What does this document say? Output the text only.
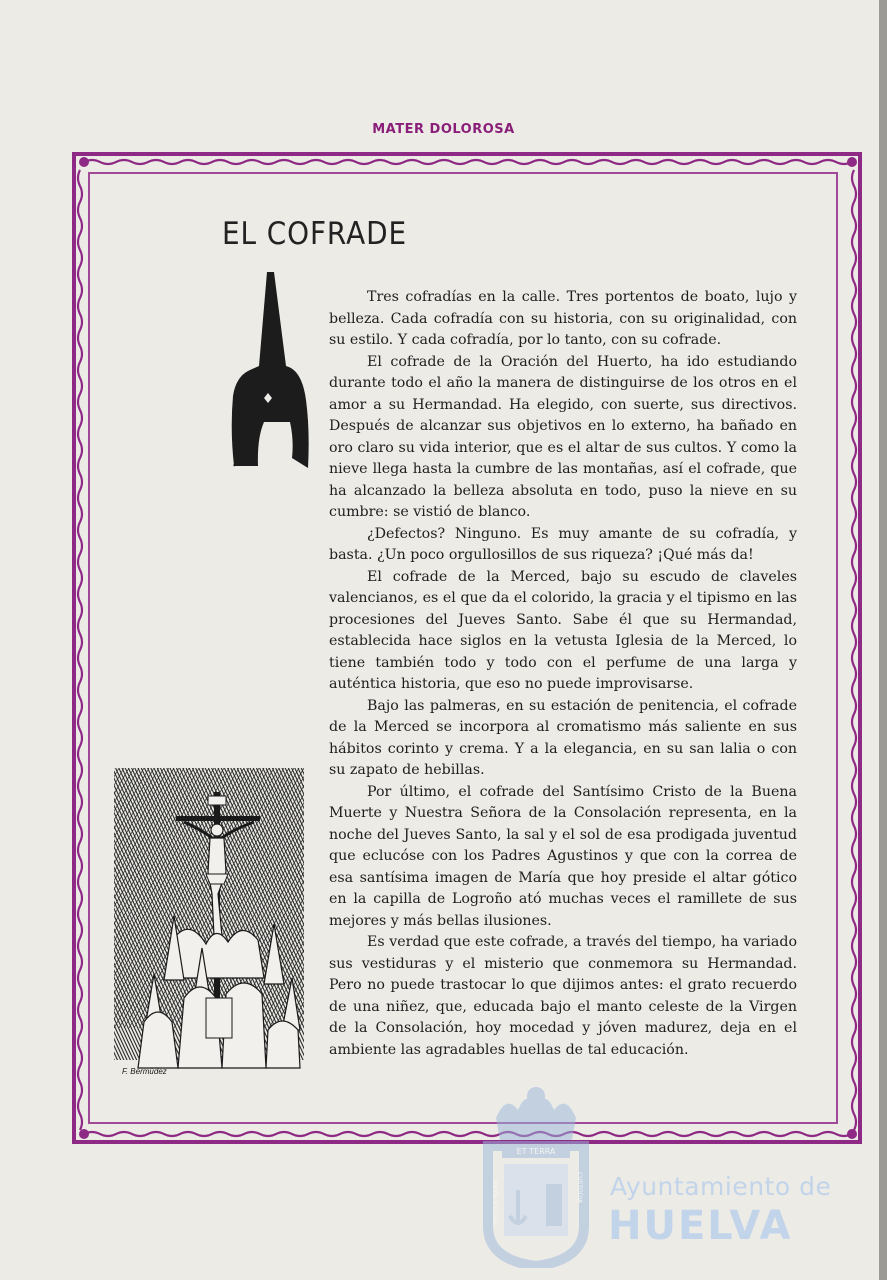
MATER DOLOROSA
EL COFRADE
F. Bermúdez

Tres cofradías en la calle. Tres portentos de boato, lujo y belleza. Cada cofradía con su historia, con su originalidad, con su estilo. Y cada cofradía, por lo tanto, con su cofrade.

El cofrade de la Oración del Huerto, ha ido estudiando durante todo el año la manera de distinguirse de los otros en el amor a su Hermandad. Ha elegido, con suerte, sus directivos. Después de alcanzar sus objetivos en lo externo, ha bañado en oro claro su vida interior, que es el altar de sus cultos. Y como la nieve llega hasta la cumbre de las montañas, así el cofrade, que ha alcanzado la belleza absoluta en todo, puso la nieve en su cumbre: se vistió de blanco.

¿Defectos? Ninguno. Es muy amante de su cofradía, y basta. ¿Un poco orgullosillos de sus riqueza? ¡Qué más da!

El cofrade de la Merced, bajo su escudo de claveles valencianos, es el que da el colorido, la gracia y el tipismo en las procesiones del Jueves Santo. Sabe él que su Hermandad, establecida hace siglos en la vetusta Iglesia de la Merced, lo tiene también todo y todo con el perfume de una larga y auténtica historia, que eso no puede improvisarse.

Bajo las palmeras, en su estación de penitencia, el cofrade de la Merced se incorpora al cromatismo más saliente en sus hábitos corinto y crema. Y a la elegancia, en su san lalia o con su zapato de hebillas.

Por último, el cofrade del Santísimo Cristo de la Buena Muerte y Nuestra Señora de la Consolación representa, en la noche del Jueves Santo, la sal y el sol de esa prodigada juventud que eclucóse con los Padres Agustinos y que con la correa de esa santísima imagen de María que hoy preside el altar gótico en la capilla de Logroño ató muchas veces el ramillete de sus mejores y más bellas ilusiones.

Es verdad que este cofrade, a través del tiempo, ha variado sus vestiduras y el misterio que conmemora su Hermandad. Pero no puede trastocar lo que dijimos antes: el grato recuerdo de una niñez, que, educada bajo el manto celeste de la Virgen de la Consolación, hoy mocedad y jóven madurez, deja en el ambiente las agradables huellas de tal educación.

ET TERRA
PORTUS MARIS	CUSTODIA Ayuntamiento de
HUELVA
